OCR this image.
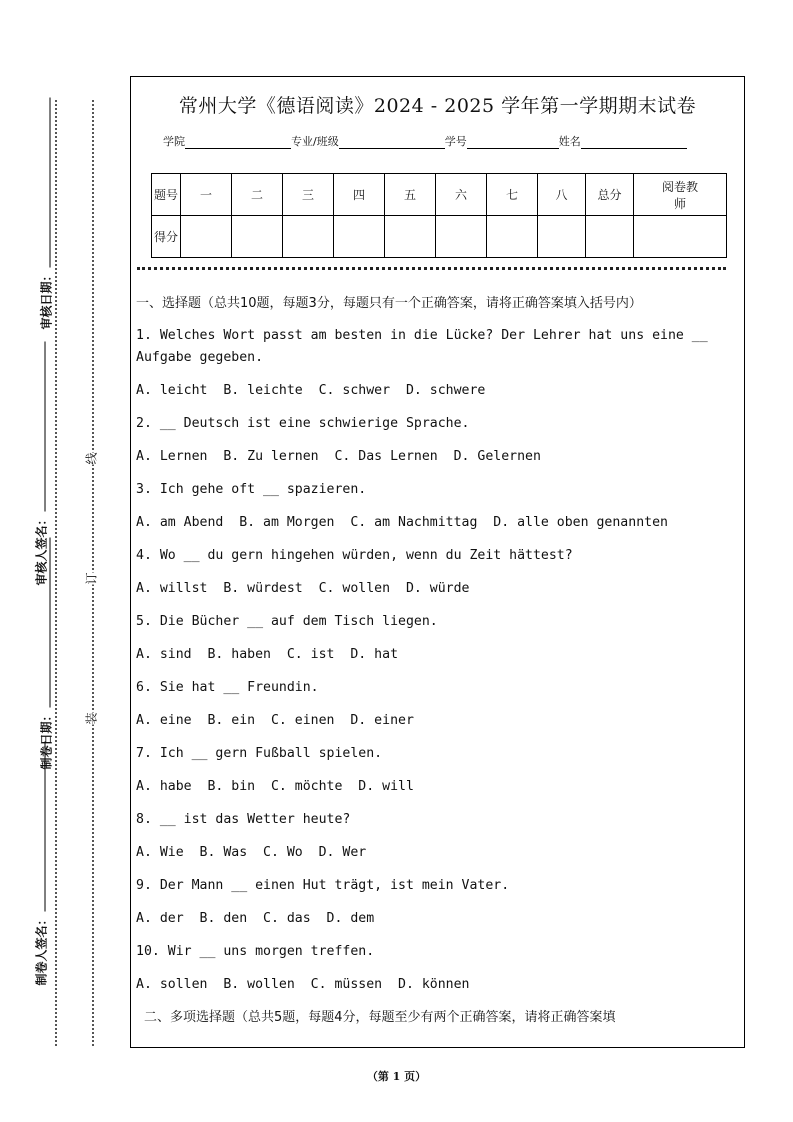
审核日期：
审核人签名：
制卷日期：
制卷人签名：
线
订
装
常州大学《德语阅读》2024 - 2025 学年第一学期期末试卷
学院	专业/班级	学号	姓名
题号	一	二	三	四	五	六	七	八	总分	阅卷教师
得分										
一、选择题（总共10题，每题3分，每题只有一个正确答案，请将正确答案填入括号内）
1. Welches Wort passt am besten in die Lücke? Der Lehrer hat uns eine __ Aufgabe gegeben.
A. leicht  B. leichte  C. schwer  D. schwere
2. __ Deutsch ist eine schwierige Sprache.
A. Lernen  B. Zu lernen  C. Das Lernen  D. Gelernen
3. Ich gehe oft __ spazieren.
A. am Abend  B. am Morgen  C. am Nachmittag  D. alle oben genannten
4. Wo __ du gern hingehen würden, wenn du Zeit hättest?
A. willst  B. würdest  C. wollen  D. würde
5. Die Bücher __ auf dem Tisch liegen.
A. sind  B. haben  C. ist  D. hat
6. Sie hat __ Freundin.
A. eine  B. ein  C. einen  D. einer
7. Ich __ gern Fußball spielen.
A. habe  B. bin  C. möchte  D. will
8. __ ist das Wetter heute?
A. Wie  B. Was  C. Wo  D. Wer
9. Der Mann __ einen Hut trägt, ist mein Vater.
A. der  B. den  C. das  D. dem
10. Wir __ uns morgen treffen.
A. sollen  B. wollen  C. müssen  D. können
二、多项选择题（总共5题，每题4分，每题至少有两个正确答案，请将正确答案填
（第 1 页）
